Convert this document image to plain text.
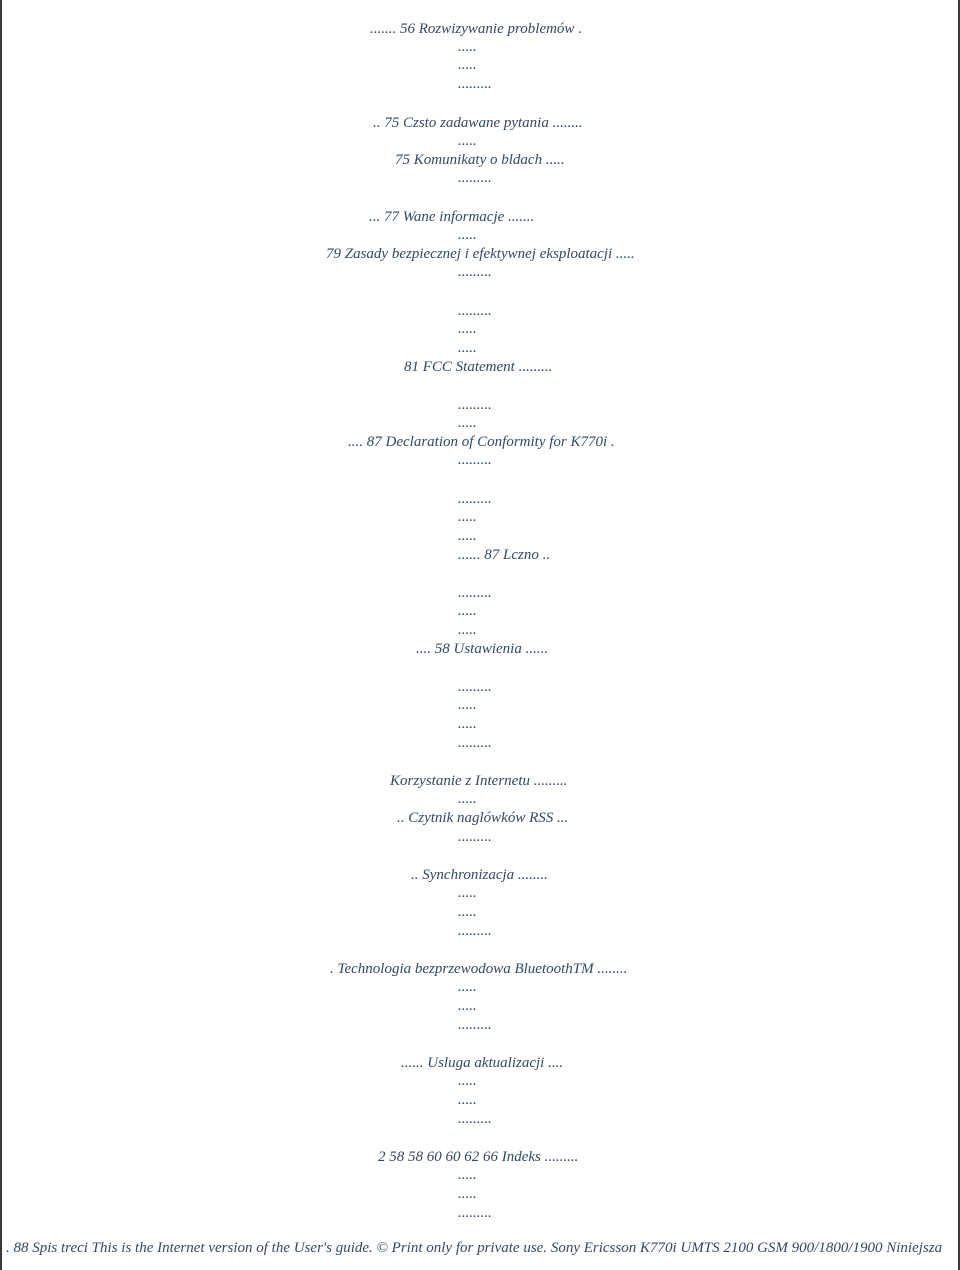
....... 56 Rozwizywanie problemów .
.....
.....
.........
.. 75 Czsto zadawane pytania ........
.....
75 Komunikaty o bldach .....
.........
... 77 Wane informacje .......
.....
79 Zasady bezpiecznej i efektywnej eksploatacji .....
.........
.........
.....
.....
81 FCC Statement .........
.........
.....
.... 87 Declaration of Conformity for K770i .
.........
.........
.....
.....
...... 87 Lczno ..
.........
.....
.....
.... 58 Ustawienia ......
.........
.....
.....
.........
Korzystanie z Internetu .........
.....
.. Czytnik naglówków RSS ...
.........
.. Synchronizacja ........
.....
.....
.........
. Technologia bezprzewodowa BluetoothTM ........
.....
.....
.........
...... Usluga aktualizacji ....
.....
.....
.........
2 58 58 60 60 62 66 Indeks .........
.....
.....
.........
. 88 Spis treci This is the Internet version of the User's guide. © Print only for private use. Sony Ericsson K770i UMTS 2100 GSM 900/1800/1900 Niniejsza
